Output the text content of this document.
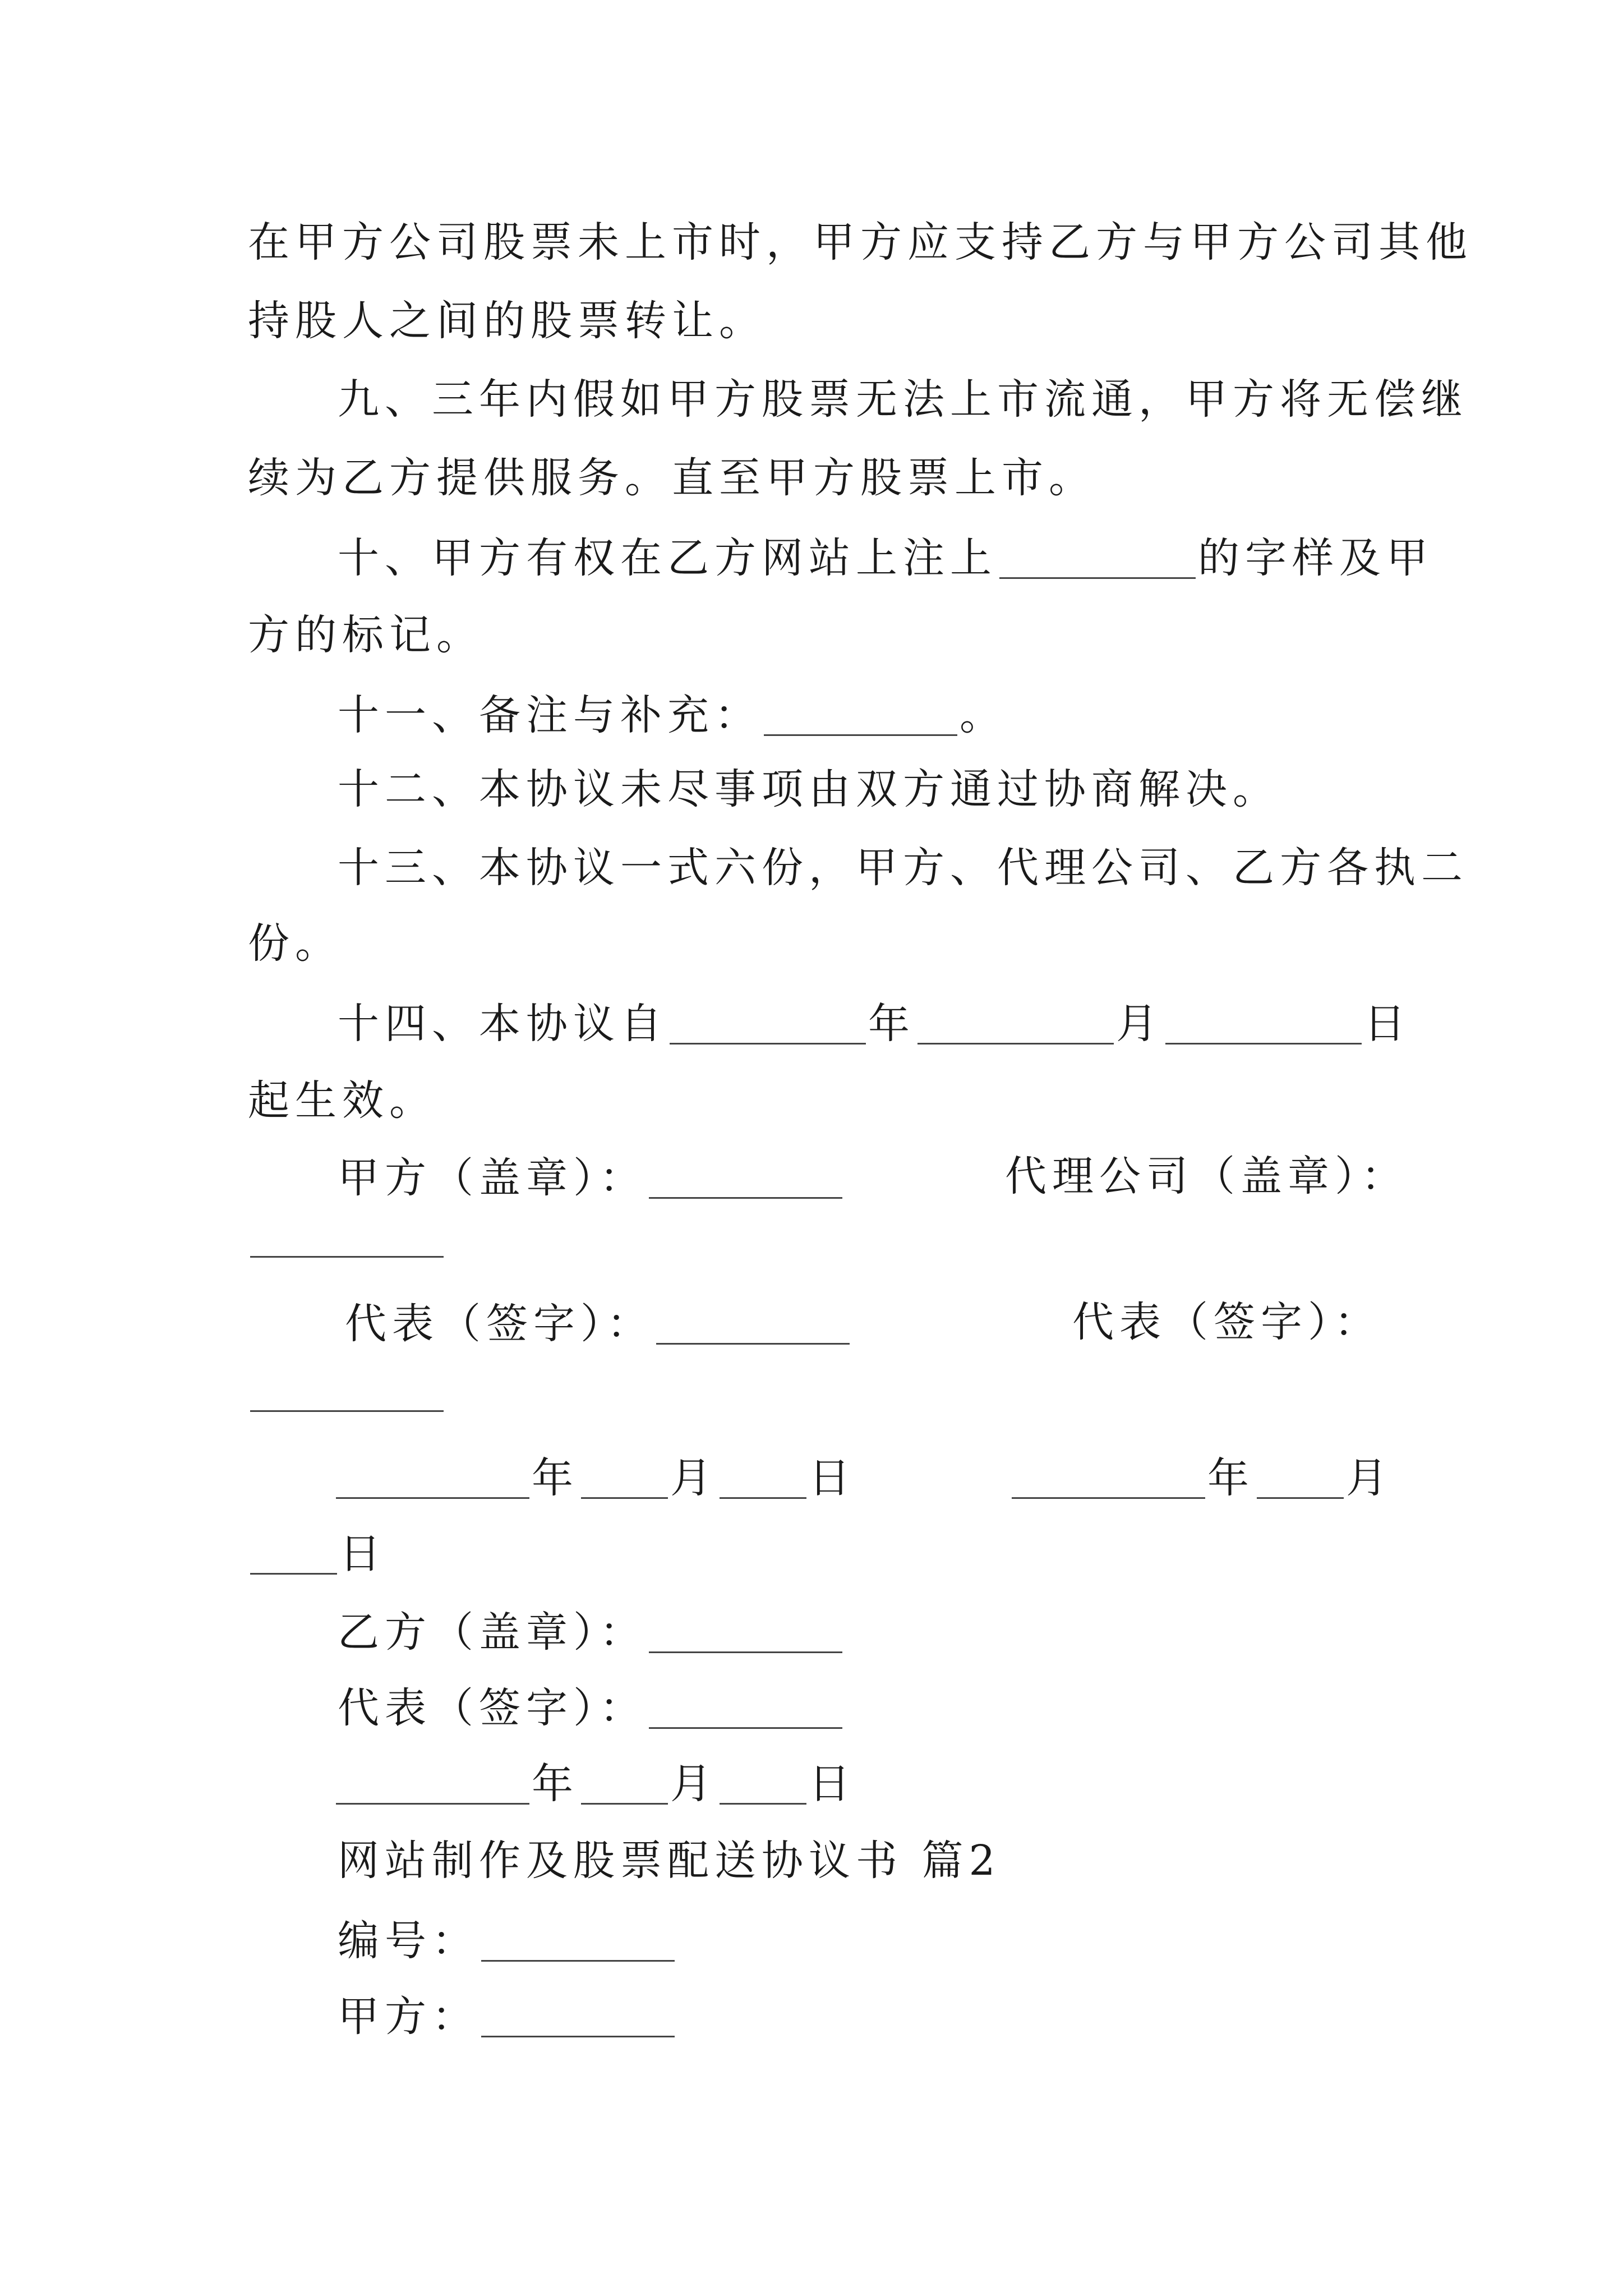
在甲方公司股票未上市时，甲方应支持乙方与甲方公司其他
持股人之间的股票转让。
九、三年内假如甲方股票无法上市流通，甲方将无偿继
续为乙方提供服务。直至甲方股票上市。
十、甲方有权在乙方网站上注上	的字样及甲
方的标记。
十一、备注与补充：	。
十二、本协议未尽事项由双方通过协商解决。
十三、本协议一式六份，甲方、代理公司、乙方各执二
份。
十四、本协议自	年	月	日
起生效。
甲方（盖章）：	代理公司（盖章）：
代表（签字）：	代表（签字）：
年 月 日	年 月
日
乙方（盖章）：
代表（签字）：
年 月 日
网站制作及股票配送协议书 篇2
编号：
甲方：
